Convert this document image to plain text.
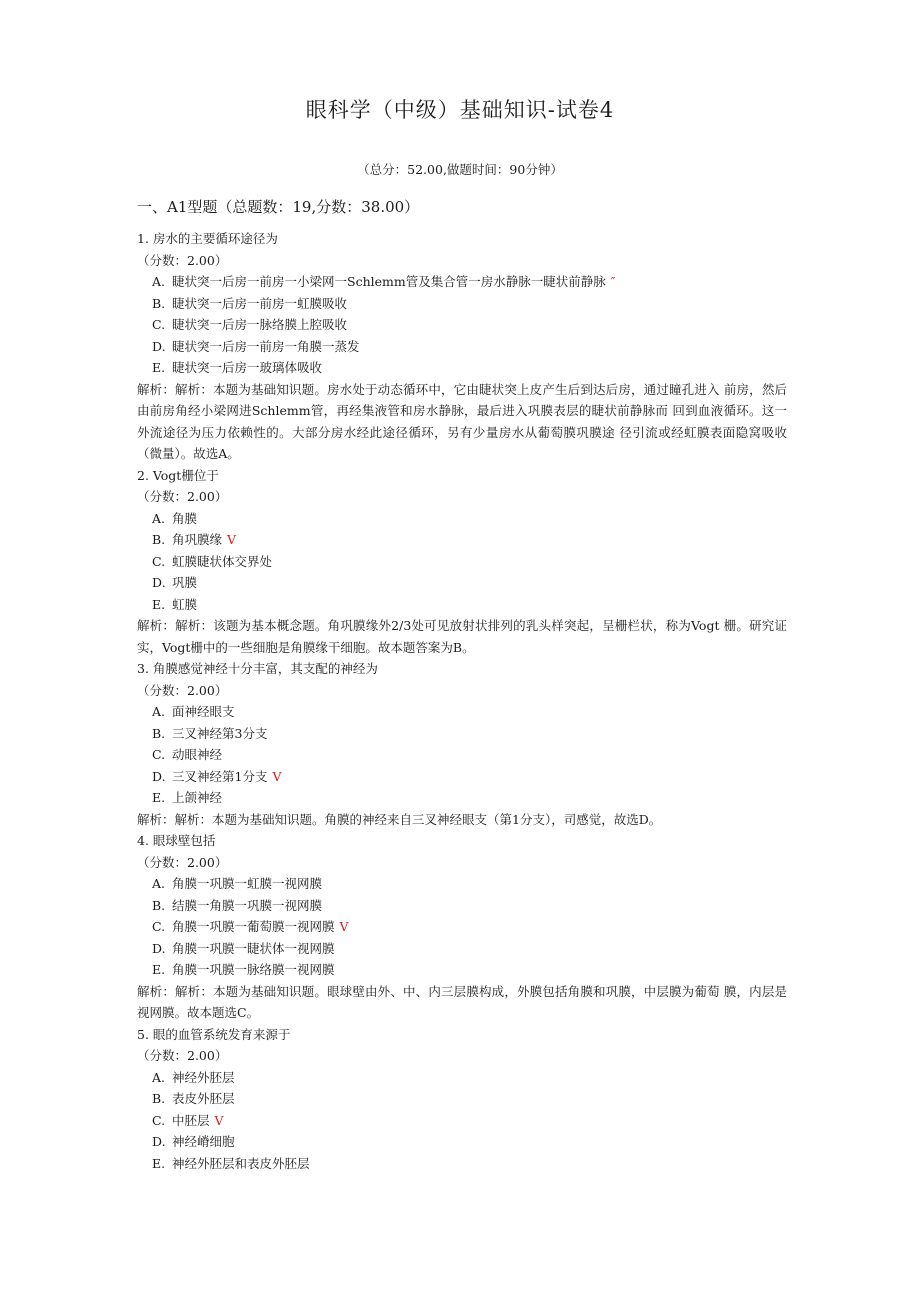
眼科学（中级）基础知识-试卷4
（总分：52.00,做题时间：90分钟）
一、A1型题（总题数：19,分数：38.00）
1. 房水的主要循环途径为
（分数：2.00）
A. 睫状突一后房一前房一小梁网一Schlemm管及集合管一房水静脉一睫状前静脉 ″
B. 睫状突一后房一前房一虹膜吸收
C. 睫状突一后房一脉络膜上腔吸收
D. 睫状突一后房一前房一角膜一蒸发
E. 睫状突一后房一玻璃体吸收
解析：解析：本题为基础知识题。房水处于动态循环中，它由睫状突上皮产生后到达后房，通过瞳孔进入 前房，然后由前房角经小梁网进Schlemm管，再经集液管和房水静脉，最后进入巩膜表层的睫状前静脉而 回到血液循环。这一外流途径为压力依赖性的。大部分房水经此途径循环，另有少量房水从葡萄膜巩膜途 径引流或经虹膜表面隐窝吸收（微量）。故选A。
2. Vogt栅位于
（分数：2.00）
A. 角膜
B. 角巩膜缘 V
C. 虹膜睫状体交界处
D. 巩膜
E. 虹膜
解析：解析：该题为基本概念题。角巩膜缘外2/3处可见放射状排列的乳头样突起，呈栅栏状，称为Vogt 栅。研究证实，Vogt栅中的一些细胞是角膜缘干细胞。故本题答案为B。
3. 角膜感觉神经十分丰富，其支配的神经为
（分数：2.00）
A. 面神经眼支
B. 三叉神经第3分支
C. 动眼神经
D. 三叉神经第1分支 V
E. 上颌神经
解析：解析：本题为基础知识题。角膜的神经来自三叉神经眼支（第1分支），司感觉，故选D。
4. 眼球壁包括
（分数：2.00）
A. 角膜一巩膜一虹膜一视网膜
B. 结膜一角膜一巩膜一视网膜
C. 角膜一巩膜一葡萄膜一视网膜 V
D. 角膜一巩膜一睫状体一视网膜
E. 角膜一巩膜一脉络膜一视网膜
解析：解析：本题为基础知识题。眼球壁由外、中、内三层膜构成，外膜包括角膜和巩膜，中层膜为葡萄 膜，内层是视网膜。故本题选C。
5. 眼的血管系统发育来源于
（分数：2.00）
A. 神经外胚层
B. 表皮外胚层
C. 中胚层 V
D. 神经嵴细胞
E. 神经外胚层和表皮外胚层
